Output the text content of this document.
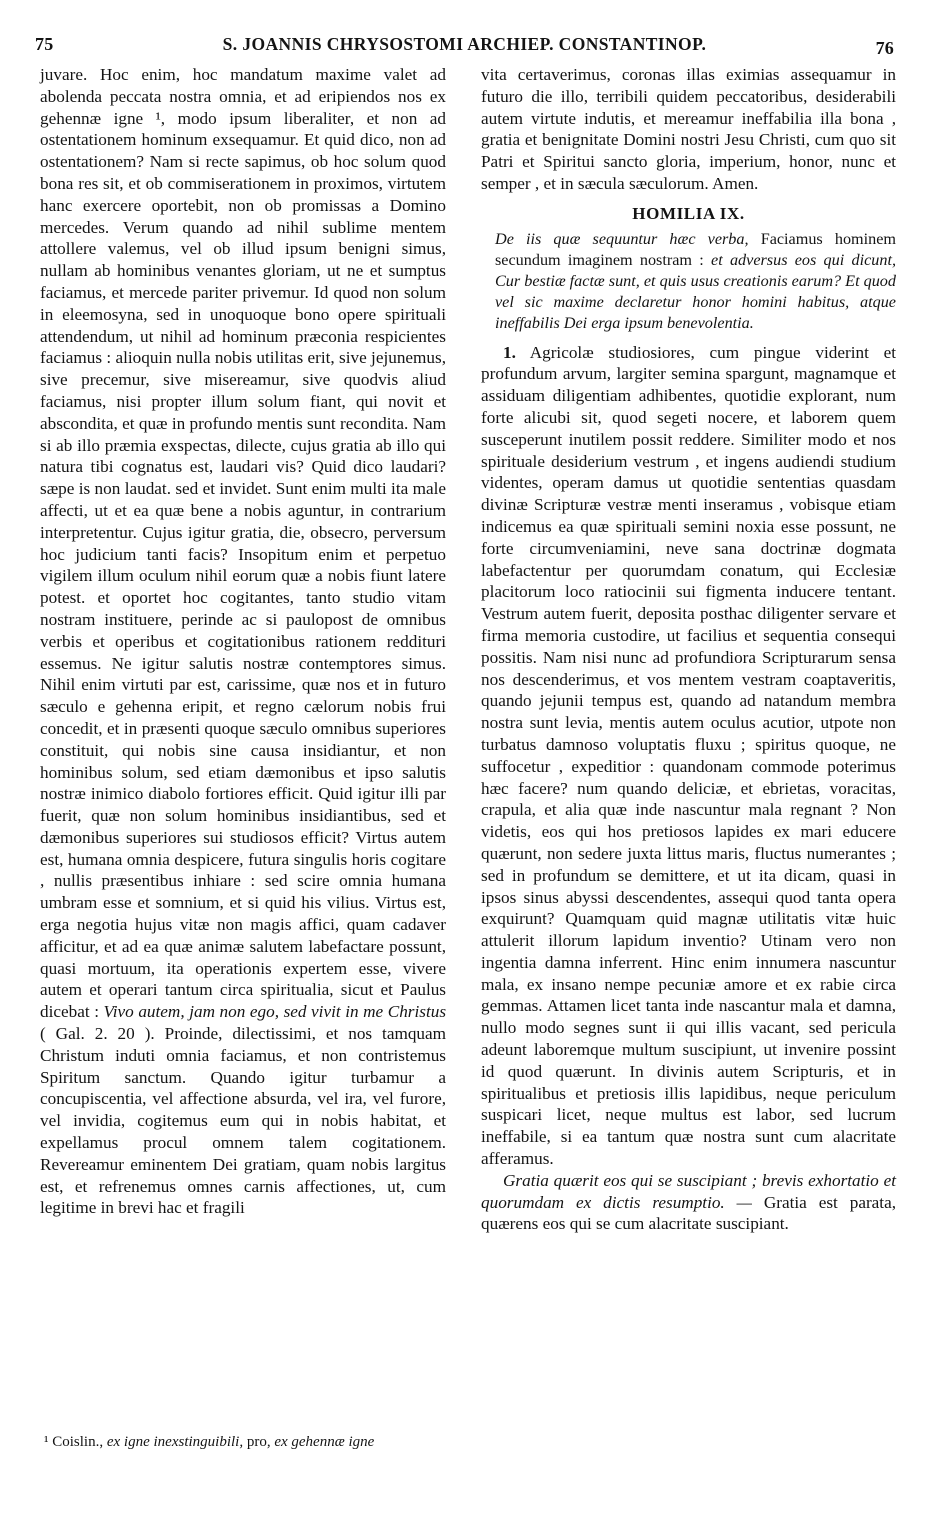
75	S. JOANNIS CHRYSOSTOMI ARCHIEP. CONSTANTINOP.	76

juvare. Hoc enim, hoc mandatum maxime valet ad abolenda peccata nostra omnia, et ad eripiendos nos ex gehennæ igne ¹, modo ipsum liberaliter, et non ad ostentationem hominum exsequamur. Et quid dico, non ad ostentationem? Nam si recte sapimus, ob hoc solum quod bona res sit, et ob commiserationem in proximos, virtutem hanc exercere oportebit, non ob promissas a Domino mercedes. Verum quando ad nihil sublime mentem attollere valemus, vel ob illud ipsum benigni simus, nullam ab hominibus venantes gloriam, ut ne et sumptus faciamus, et mercede pariter privemur. Id quod non solum in eleemosyna, sed in unoquoque bono opere spirituali attendendum, ut nihil ad hominum præconia respicientes faciamus : alioquin nulla nobis utilitas erit, sive jejunemus, sive precemur, sive misereamur, sive quodvis aliud faciamus, nisi propter illum solum fiant, qui novit et abscondita, et quæ in profundo mentis sunt recondita. Nam si ab illo præmia exspectas, dilecte, cujus gratia ab illo qui natura tibi cognatus est, laudari vis? Quid dico laudari? sæpe is non laudat. sed et invidet. Sunt enim multi ita male affecti, ut et ea quæ bene a nobis aguntur, in contrarium interpretentur. Cujus igitur gratia, die, obsecro, perversum hoc judicium tanti facis? Insopitum enim et perpetuo vigilem illum oculum nihil eorum quæ a nobis fiunt latere potest. et oportet hoc cogitantes, tanto studio vitam nostram instituere, perinde ac si paulopost de omnibus verbis et operibus et cogitationibus rationem reddituri essemus. Ne igitur salutis nostræ contemptores simus. Nihil enim virtuti par est, carissime, quæ nos et in futuro sæculo e gehenna eripit, et regno cælorum nobis frui concedit, et in præsenti quoque sæculo omnibus superiores constituit, qui nobis sine causa insidiantur, et non hominibus solum, sed etiam dæmonibus et ipso salutis nostræ inimico diabolo fortiores efficit. Quid igitur illi par fuerit, quæ non solum hominibus insidiantibus, sed et dæmonibus superiores sui studiosos efficit? Virtus autem est, humana omnia despicere, futura singulis horis cogitare , nullis præsentibus inhiare : sed scire omnia humana umbram esse et somnium, et si quid his vilius. Virtus est, erga negotia hujus vitæ non magis affici, quam cadaver afficitur, et ad ea quæ animæ salutem labefactare possunt, quasi mortuum, ita operationis expertem esse, vivere autem et operari tantum circa spiritualia, sicut et Paulus dicebat : Vivo autem, jam non ego, sed vivit in me Christus ( Gal. 2. 20 ). Proinde, dilectissimi, et nos tamquam Christum induti omnia faciamus, et non contristemus Spiritum sanctum. Quando igitur turbamur a concupiscentia, vel affectione absurda, vel ira, vel furore, vel invidia, cogitemus eum qui in nobis habitat, et expellamus procul omnem talem cogitationem. Revereamur eminentem Dei gratiam, quam nobis largitus est, et refrenemus omnes carnis affectiones, ut, cum legitime in brevi hac et fragili

¹ Coislin., ex igne inexstinguibili, pro, ex gehennæ igne

vita certaverimus, coronas illas eximias assequamur in futuro die illo, terribili quidem peccatoribus, desiderabili autem virtute indutis, et mereamur ineffabilia illa bona , gratia et benignitate Domini nostri Jesu Christi, cum quo sit Patri et Spiritui sancto gloria, imperium, honor, nunc et semper , et in sæcula sæculorum. Amen.

HOMILIA IX.

De iis quæ sequuntur hæc verba, Faciamus hominem secundum imaginem nostram : et adversus eos qui dicunt, Cur bestiæ factæ sunt, et quis usus creationis earum? Et quod vel sic maxime declaretur honor homini habitus, atque ineffabilis Dei erga ipsum benevolentia.

1. Agricolæ studiosiores, cum pingue viderint et profundum arvum, largiter semina spargunt, magnamque et assiduam diligentiam adhibentes, quotidie explorant, num forte alicubi sit, quod segeti nocere, et laborem quem susceperunt inutilem possit reddere. Similiter modo et nos spirituale desiderium vestrum , et ingens audiendi studium videntes, operam damus ut quotidie sententias quasdam divinæ Scripturæ vestræ menti inseramus , vobisque etiam indicemus ea quæ spirituali semini noxia esse possunt, ne forte circumveniamini, neve sana doctrinæ dogmata labefactentur per quorumdam conatum, qui Ecclesiæ placitorum loco ratiocinii sui figmenta inducere tentant. Vestrum autem fuerit, deposita posthac diligenter servare et firma memoria custodire, ut facilius et sequentia consequi possitis. Nam nisi nunc ad profundiora Scripturarum sensa nos descenderimus, et vos mentem vestram coaptaveritis, quando jejunii tempus est, quando ad natandum membra nostra sunt levia, mentis autem oculus acutior, utpote non turbatus damnoso voluptatis fluxu ; spiritus quoque, ne suffocetur , expeditior : quandonam commode poterimus hæc facere? num quando deliciæ, et ebrietas, voracitas, crapula, et alia quæ inde nascuntur mala regnant ? Non videtis, eos qui hos pretiosos lapides ex mari educere quærunt, non sedere juxta littus maris, fluctus numerantes ; sed in profundum se demittere, et ut ita dicam, quasi in ipsos sinus abyssi descendentes, assequi quod tanta opera exquirunt? Quamquam quid magnæ utilitatis vitæ huic attulerit illorum lapidum inventio? Utinam vero non ingentia damna inferrent. Hinc enim innumera nascuntur mala, ex insano nempe pecuniæ amore et ex rabie circa gemmas. Attamen licet tanta inde nascantur mala et damna, nullo modo segnes sunt ii qui illis vacant, sed pericula adeunt laboremque multum suscipiunt, ut invenire possint id quod quærunt. In divinis autem Scripturis, et in spiritualibus et pretiosis illis lapidibus, neque periculum suspicari licet, neque multus est labor, sed lucrum ineffabile, si ea tantum quæ nostra sunt cum alacritate afferamus.

Gratia quærit eos qui se suscipiant ; brevis exhortatio et quorumdam ex dictis resumptio. — Gratia est parata, quærens eos qui se cum alacritate suscipiant.
